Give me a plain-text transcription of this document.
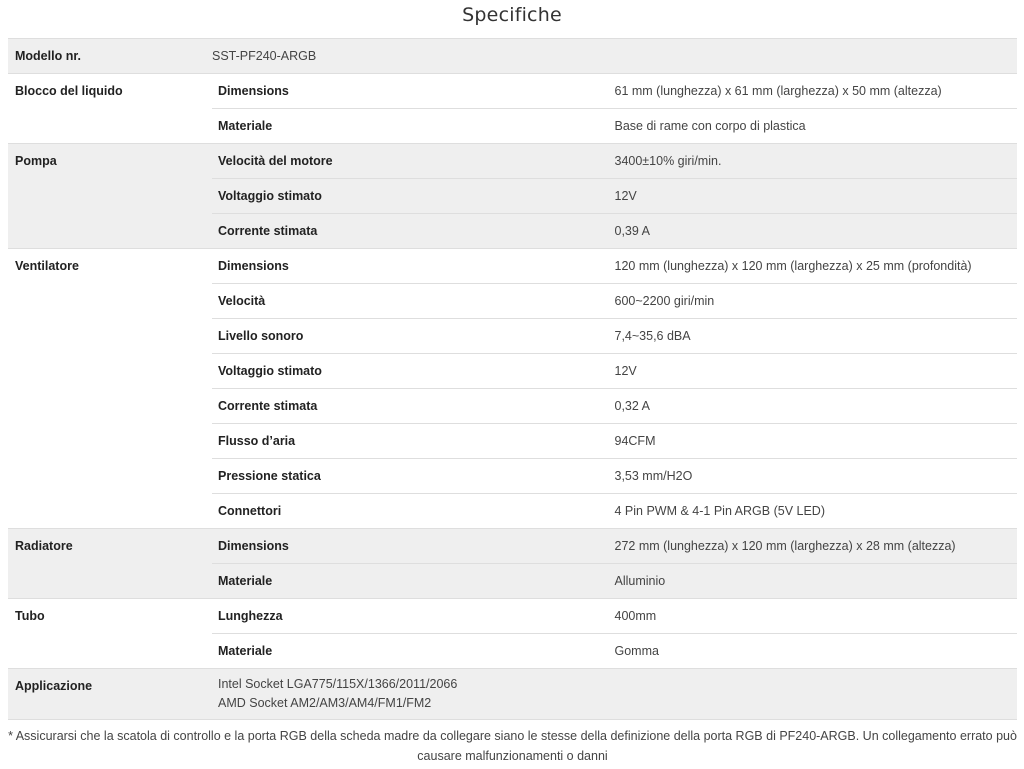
Specifiche
Modello nr.	SST-PF240-ARGB	

Blocco del liquido	Dimensions	61 mm (lunghezza) x 61 mm (larghezza) x 50 mm (altezza)
	Materiale	Base di rame con corpo di plastica

Pompa	Velocità del motore	3400±10% giri/min.
	Voltaggio stimato	12V
	Corrente stimata	0,39 A

Ventilatore	Dimensions	120 mm (lunghezza) x 120 mm (larghezza) x 25 mm (profondità)
	Velocità	600~2200 giri/min
	Livello sonoro	7,4~35,6 dBA
	Voltaggio stimato	12V
	Corrente stimata	0,32 A
	Flusso d’aria	94CFM
	Pressione statica	3,53 mm/H2O
	Connettori	4 Pin PWM & 4-1 Pin ARGB (5V LED)

Radiatore	Dimensions	272 mm (lunghezza) x 120 mm (larghezza) x 28 mm (altezza)
	Materiale	Alluminio

Tubo	Lunghezza	400mm
	Materiale	Gomma

Applicazione	Intel Socket LGA775/115X/1366/2011/2066
AMD Socket AM2/AM3/AM4/FM1/FM2	
* Assicurarsi che la scatola di controllo e la porta RGB della scheda madre da collegare siano le stesse della definizione della porta RGB di PF240-ARGB. Un collegamento errato può causare malfunzionamenti o danni
